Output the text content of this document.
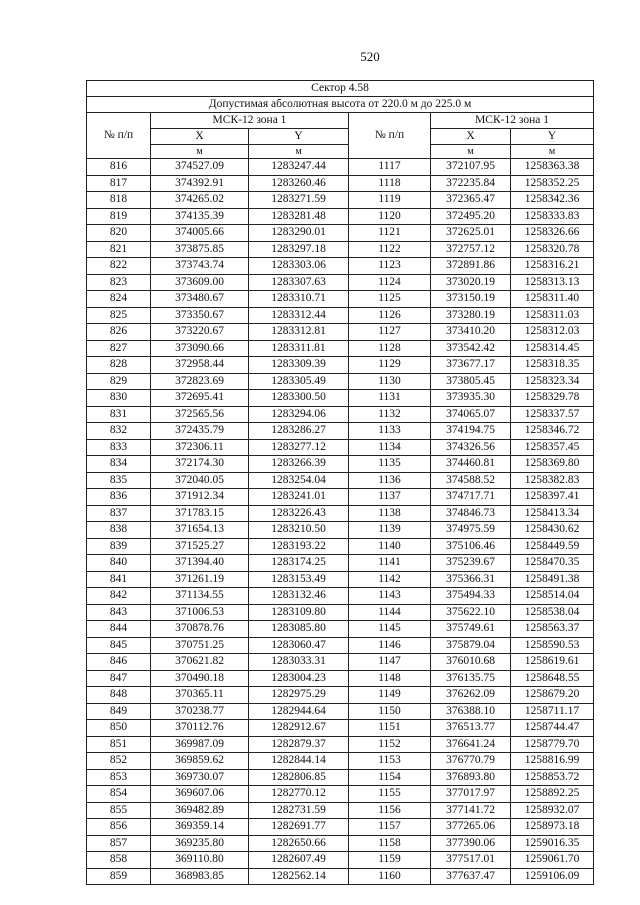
520
Сектор 4.58					
Допустимая абсолютная высота от 220.0 м до 225.0 м					
№ п/п	МСК-12 зона 1		№ п/п	МСК-12 зона 1	
	X	Y		X	Y
	м	м		м	м
816	374527.09	1283247.44	1117	372107.95	1258363.38
817	374392.91	1283260.46	1118	372235.84	1258352.25
818	374265.02	1283271.59	1119	372365.47	1258342.36
819	374135.39	1283281.48	1120	372495.20	1258333.83
820	374005.66	1283290.01	1121	372625.01	1258326.66
821	373875.85	1283297.18	1122	372757.12	1258320.78
822	373743.74	1283303.06	1123	372891.86	1258316.21
823	373609.00	1283307.63	1124	373020.19	1258313.13
824	373480.67	1283310.71	1125	373150.19	1258311.40
825	373350.67	1283312.44	1126	373280.19	1258311.03
826	373220.67	1283312.81	1127	373410.20	1258312.03
827	373090.66	1283311.81	1128	373542.42	1258314.45
828	372958.44	1283309.39	1129	373677.17	1258318.35
829	372823.69	1283305.49	1130	373805.45	1258323.34
830	372695.41	1283300.50	1131	373935.30	1258329.78
831	372565.56	1283294.06	1132	374065.07	1258337.57
832	372435.79	1283286.27	1133	374194.75	1258346.72
833	372306.11	1283277.12	1134	374326.56	1258357.45
834	372174.30	1283266.39	1135	374460.81	1258369.80
835	372040.05	1283254.04	1136	374588.52	1258382.83
836	371912.34	1283241.01	1137	374717.71	1258397.41
837	371783.15	1283226.43	1138	374846.73	1258413.34
838	371654.13	1283210.50	1139	374975.59	1258430.62
839	371525.27	1283193.22	1140	375106.46	1258449.59
840	371394.40	1283174.25	1141	375239.67	1258470.35
841	371261.19	1283153.49	1142	375366.31	1258491.38
842	371134.55	1283132.46	1143	375494.33	1258514.04
843	371006.53	1283109.80	1144	375622.10	1258538.04
844	370878.76	1283085.80	1145	375749.61	1258563.37
845	370751.25	1283060.47	1146	375879.04	1258590.53
846	370621.82	1283033.31	1147	376010.68	1258619.61
847	370490.18	1283004.23	1148	376135.75	1258648.55
848	370365.11	1282975.29	1149	376262.09	1258679.20
849	370238.77	1282944.64	1150	376388.10	1258711.17
850	370112.76	1282912.67	1151	376513.77	1258744.47
851	369987.09	1282879.37	1152	376641.24	1258779.70
852	369859.62	1282844.14	1153	376770.79	1258816.99
853	369730.07	1282806.85	1154	376893.80	1258853.72
854	369607.06	1282770.12	1155	377017.97	1258892.25
855	369482.89	1282731.59	1156	377141.72	1258932.07
856	369359.14	1282691.77	1157	377265.06	1258973.18
857	369235.80	1282650.66	1158	377390.06	1259016.35
858	369110.80	1282607.49	1159	377517.01	1259061.70
859	368983.85	1282562.14	1160	377637.47	1259106.09
